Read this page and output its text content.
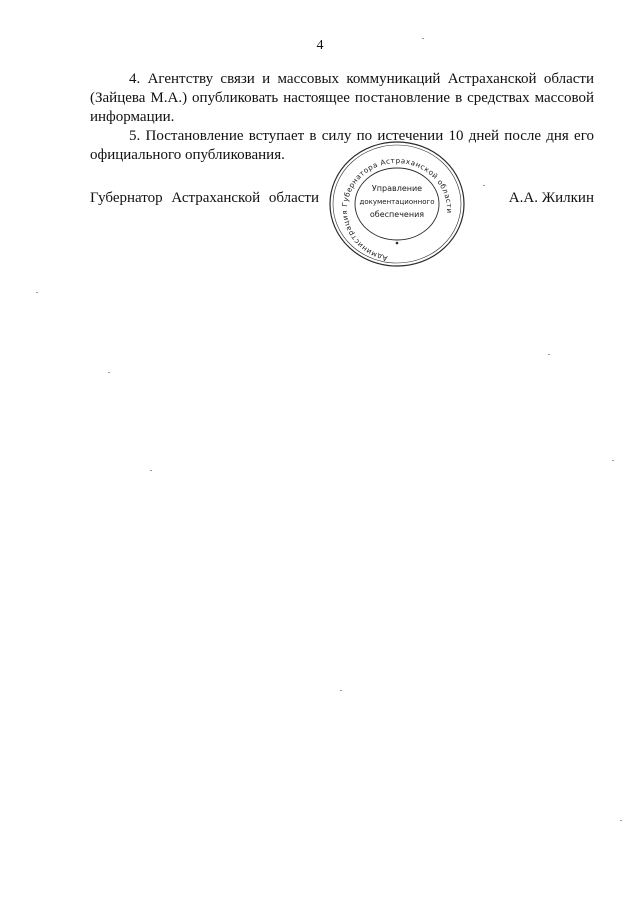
4

4. Агентству связи и массовых коммуникаций Астраханской области (Зайцева М.А.) опубликовать настоящее постановление в средствах массовой информации.

5. Постановление вступает в силу по истечении 10 дней после дня его официального опубликования.

Губернатор Астраханской области	А.А. Жилкин
Администрация Губернатора Астраханской области
Управление
документационного
обеспечения
